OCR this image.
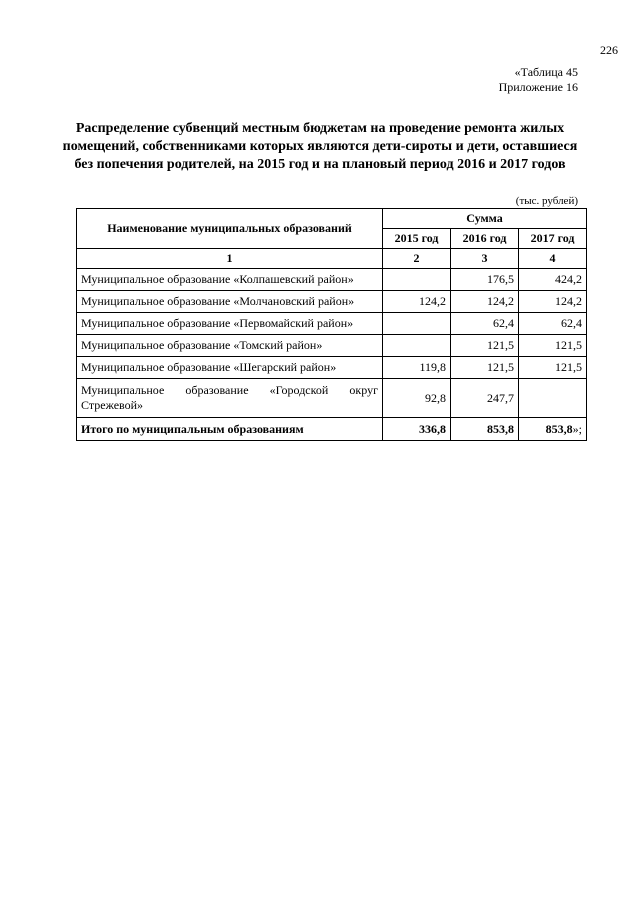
226
«Таблица 45
Приложение 16
Распределение субвенций местным бюджетам на проведение ремонта жилых помещений, собственниками которых являются дети-сироты и дети, оставшиеся без попечения родителей, на 2015 год и на плановый период 2016 и 2017 годов
(тыс. рублей)
Наименование муниципальных образований	Сумма		
	2015 год	2016 год	2017 год
1	2	3	4
Муниципальное образование «Колпашевский район»		176,5	424,2
Муниципальное образование «Молчановский район»	124,2	124,2	124,2
Муниципальное образование «Первомайский район»		62,4	62,4
Муниципальное образование «Томский район»		121,5	121,5
Муниципальное образование «Шегарский район»	119,8	121,5	121,5
Муниципальное образование «Городской округ Стрежевой»	92,8	247,7	
Итого по муниципальным образованиям	336,8	853,8	853,8»;
